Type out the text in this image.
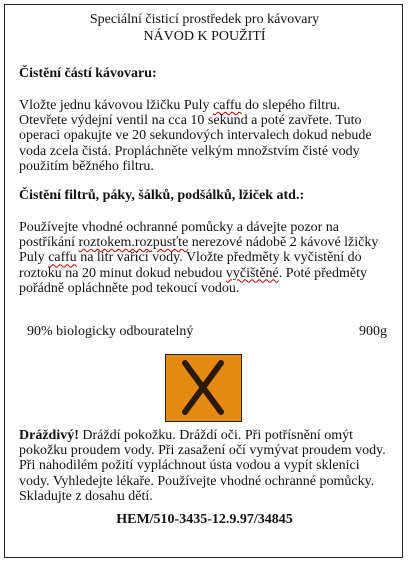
Speciální čisticí prostředek pro kávovary
NÁVOD K POUŽITÍ
Čistění částí kávovaru:
Vložte jednu kávovou lžičku Puly caffu do slepého filtru. Otevřete výdejní ventil na cca 10 sekund a poté zavřete. Tuto operaci opakujte ve 20 sekundových intervalech dokud nebude voda zcela čistá. Propláchněte velkým množstvím čisté vody použitím běžného filtru.
Čistění filtrů, páky, šálků, podšálků, lžiček atd.:
Používejte vhodné ochranné pomůcky a dávejte pozor na postříkání roztokem.rozpusťte nerezové nádobě 2 kávové lžičky Puly caffu na litr vařící vody. Vložte předměty k vyčistění do roztoku na 20 minut dokud nebudou vyčištěné. Poté předměty pořádně opláchněte pod tekoucí vodou.
90% biologicky odbouratelný	900g
Dráždivý! Dráždí pokožku. Dráždí oči. Při potřísnění omýt pokožku proudem vody. Při zasažení očí vymývat proudem vody. Při nahodilém požití vypláchnout ústa vodou a vypít sklenici vody. Vyhledejte lékaře. Používejte vhodné ochranné pomůcky. Skladujte z dosahu dětí.
HEM/510-3435-12.9.97/34845
